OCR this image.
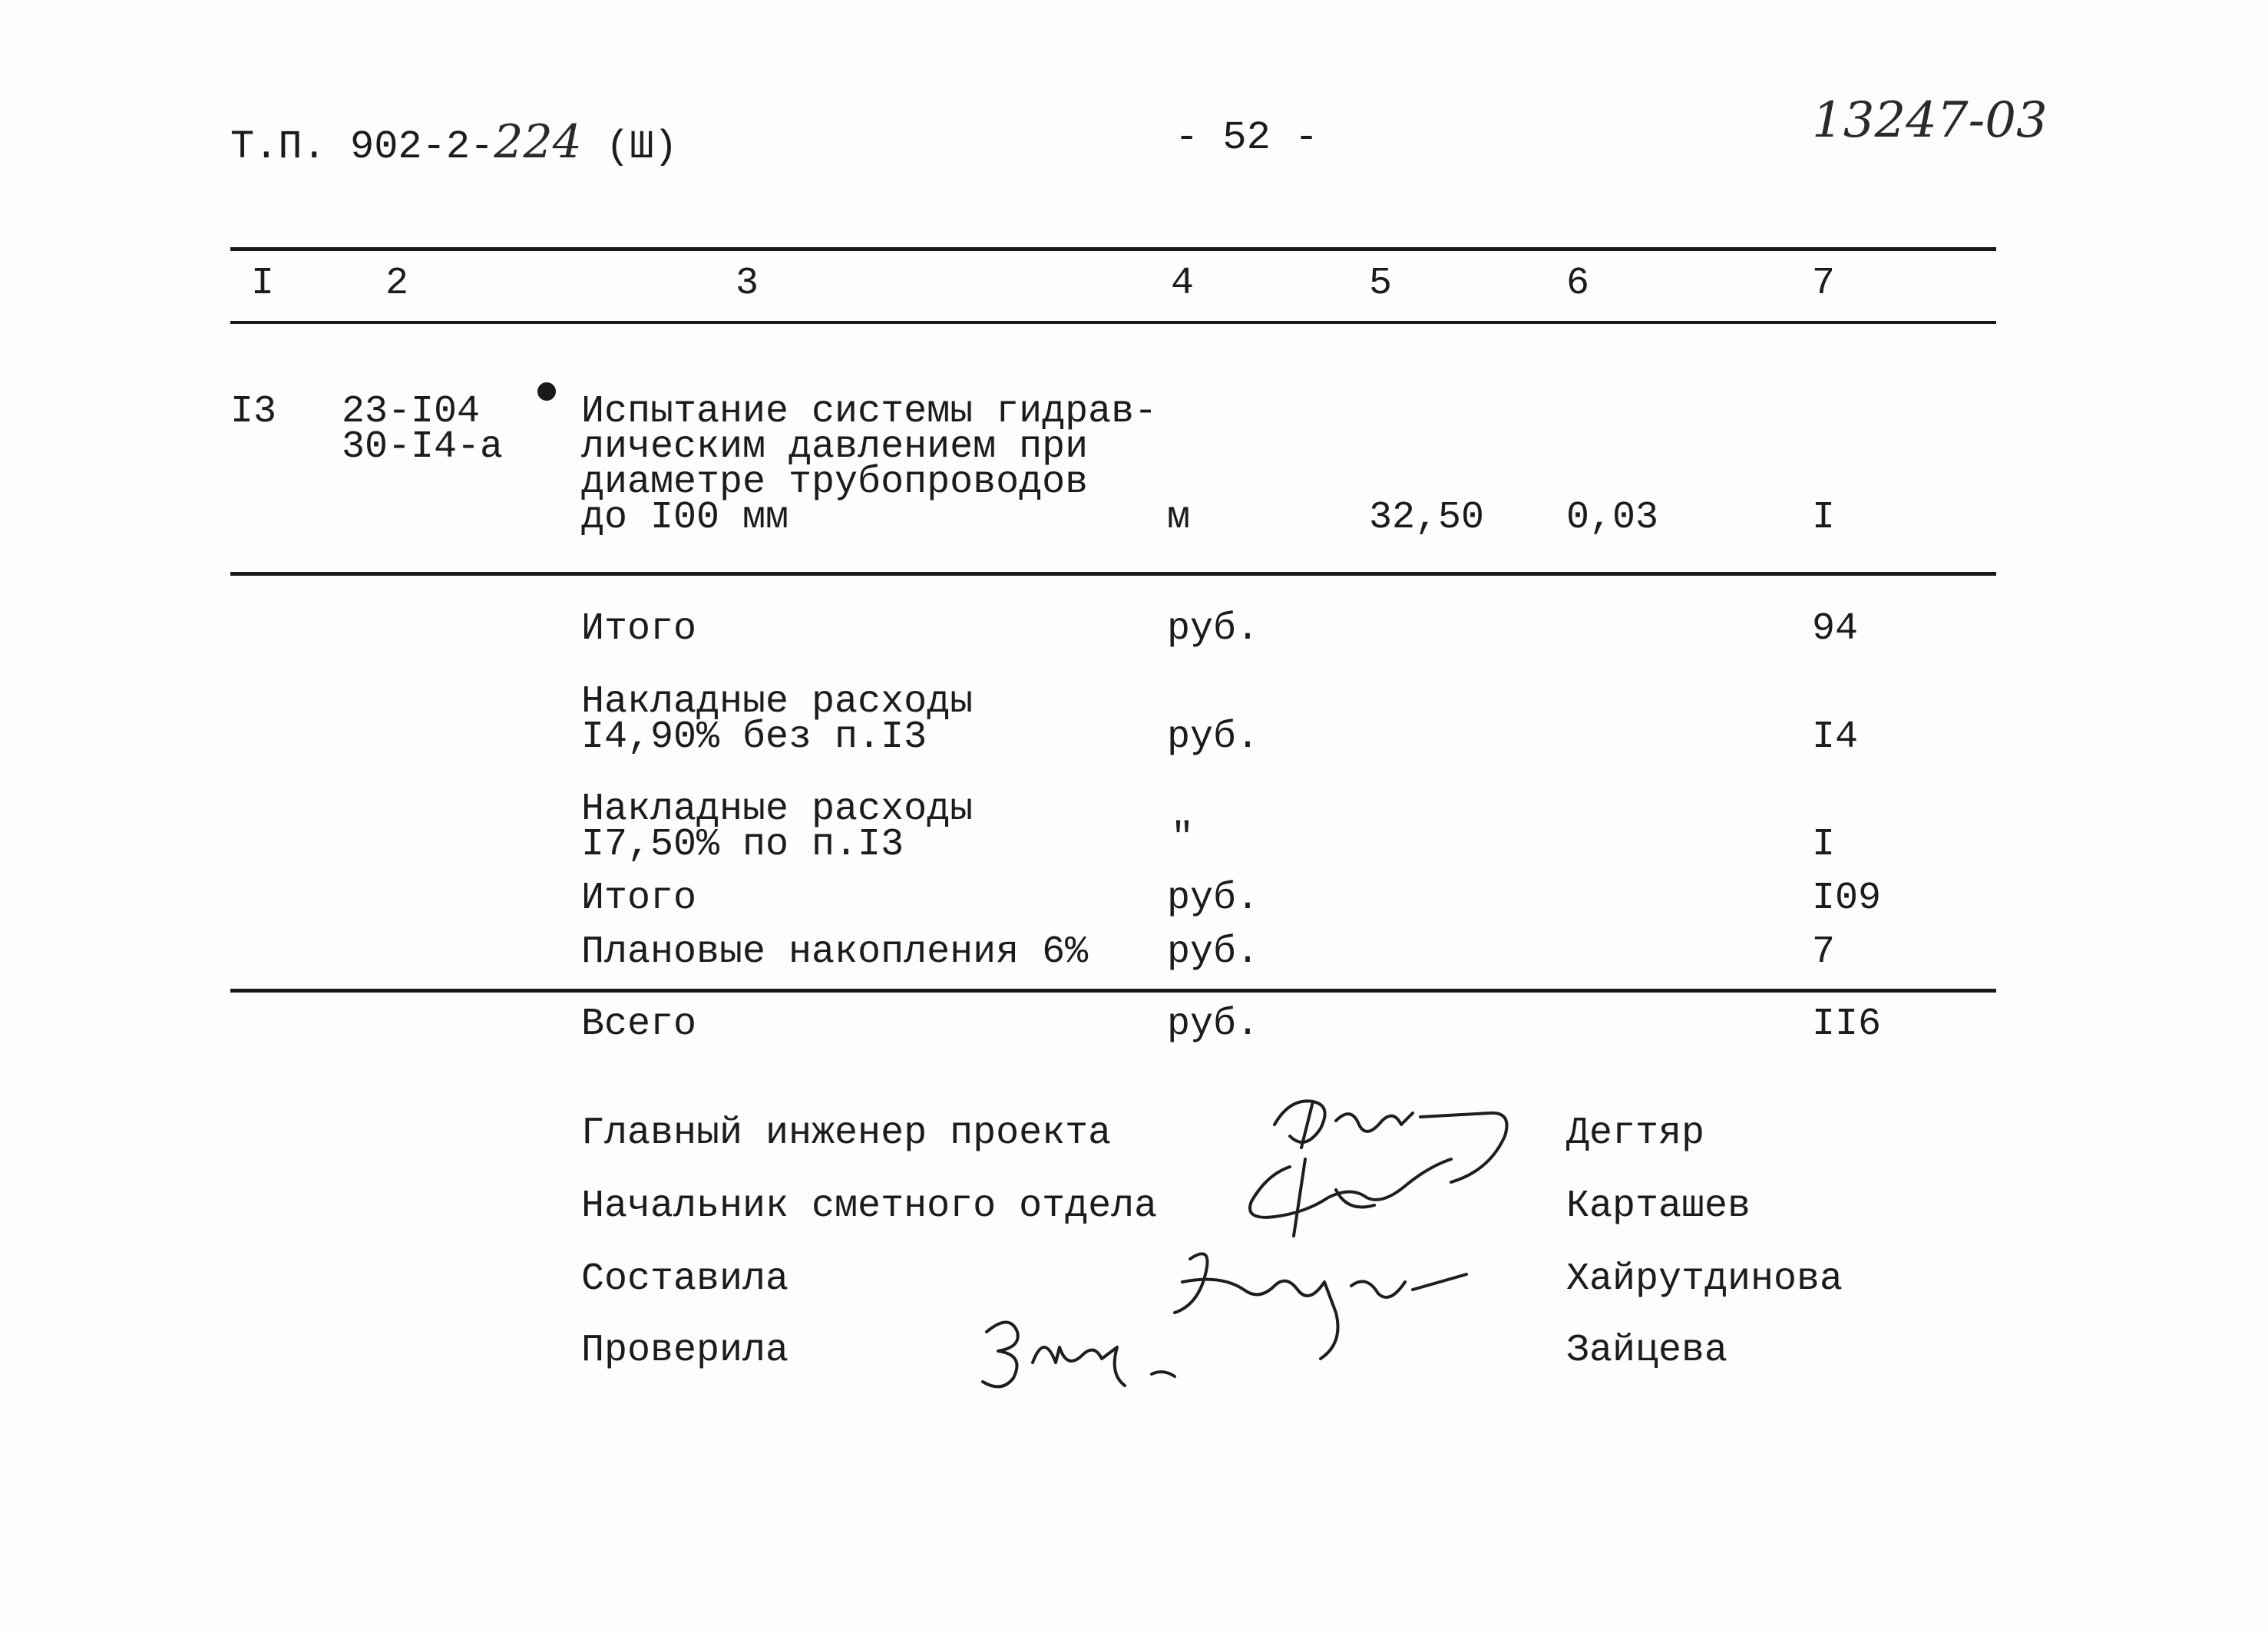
Т.П. 902-2-224 (Ш)	- 52 -	13247-03
I	2	3	4	5	6	7
I3 23-I04
30-I4-а
Испытание системы гидрав-
лическим давлением при
диаметре трубопроводов
до I00 мм	м	32,50 0,03	I
Итого	руб.	94
Накладные расходы
I4,90% без п.I3	руб.	I4
Накладные расходы
I7,50% по п.I3	"	I
Итого	руб.	I09
Плановые накопления 6% руб.	7
Всего	руб.	II6
Главный инженер проекта	Дегтяр
Начальник сметного отдела	Карташев
Составила	Хайрутдинова
Проверила	Зайцева
